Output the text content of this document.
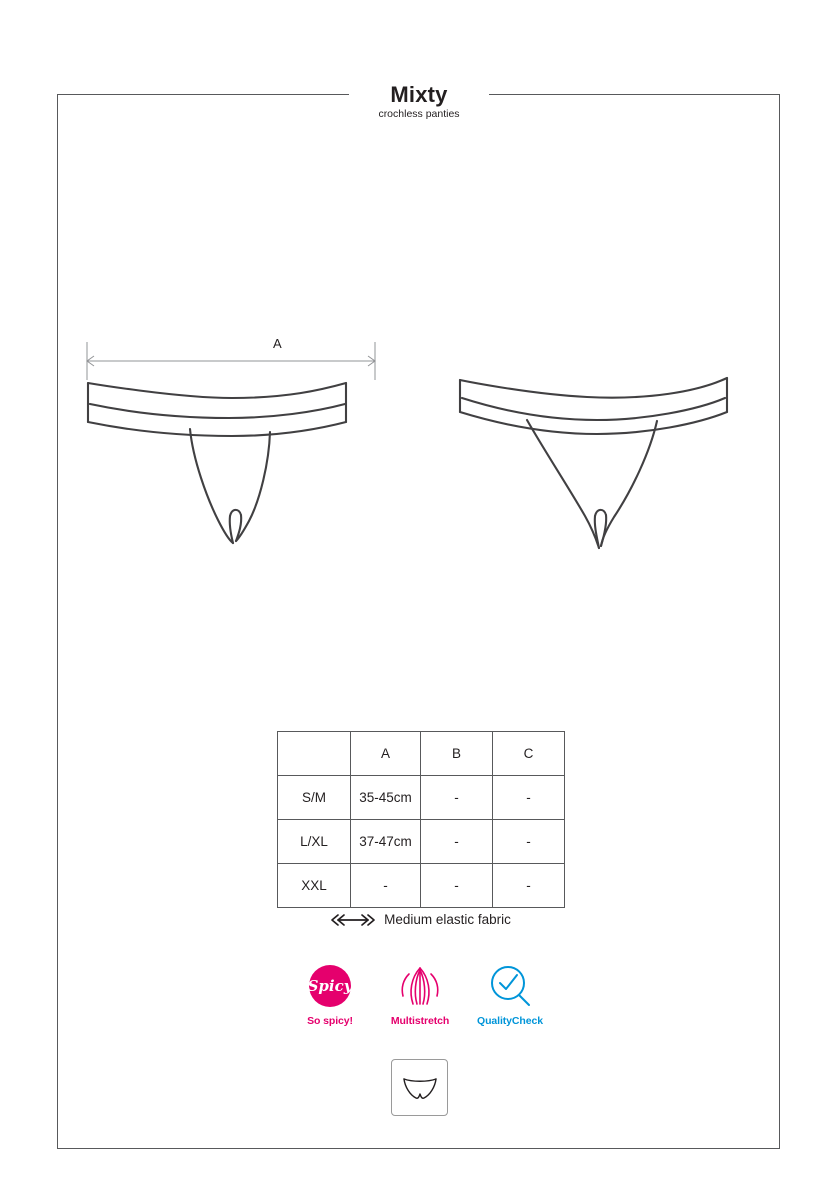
Mixty
crochless panties
A
	A	B	C
S/M	35-45cm	-	-
L/XL	37-47cm	-	-
XXL	-	-	-
Medium elastic fabric
Spicy
So spicy!	Multistretch	QualityCheck
